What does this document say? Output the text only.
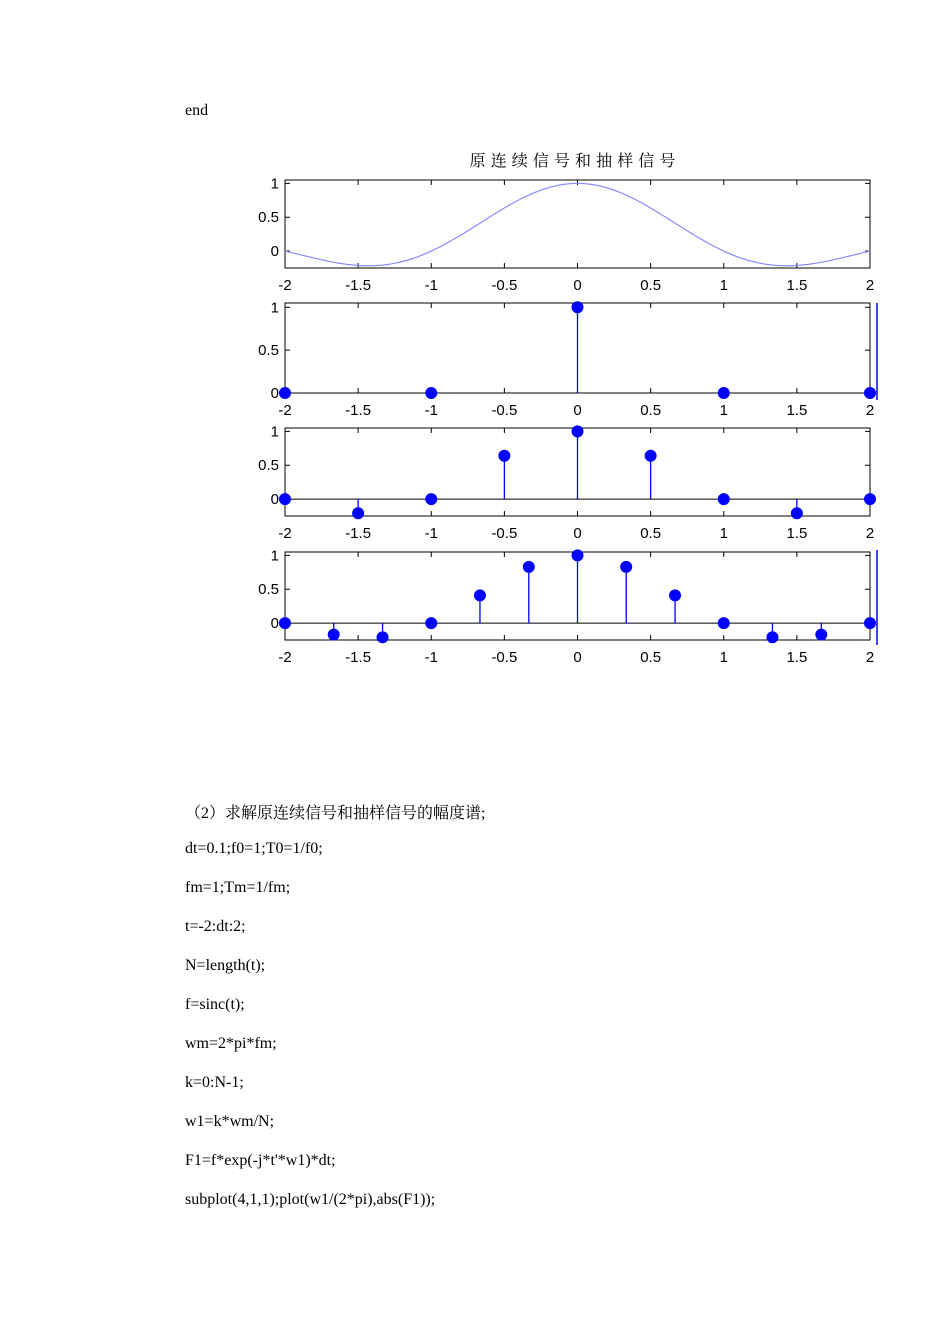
end
-2	-1.5	-1	-0.5	0	0.5	1	1.5	2
0
0.5
1
原 连 续 信 号 和 抽 样 信 号
-2	-1.5	-1	-0.5	0	0.5	1	1.5	2
0
0.5
1
-2	-1.5	-1	-0.5	0	0.5	1	1.5	2
0
0.5
1
-2	-1.5	-1	-0.5	0	0.5	1	1.5	2
0
0.5
1
（2）求解原连续信号和抽样信号的幅度谱;
dt=0.1;f0=1;T0=1/f0;
fm=1;Tm=1/fm;
t=-2:dt:2;
N=length(t);
f=sinc(t);
wm=2*pi*fm;
k=0:N-1;
w1=k*wm/N;
F1=f*exp(-j*t'*w1)*dt;
subplot(4,1,1);plot(w1/(2*pi),abs(F1));
